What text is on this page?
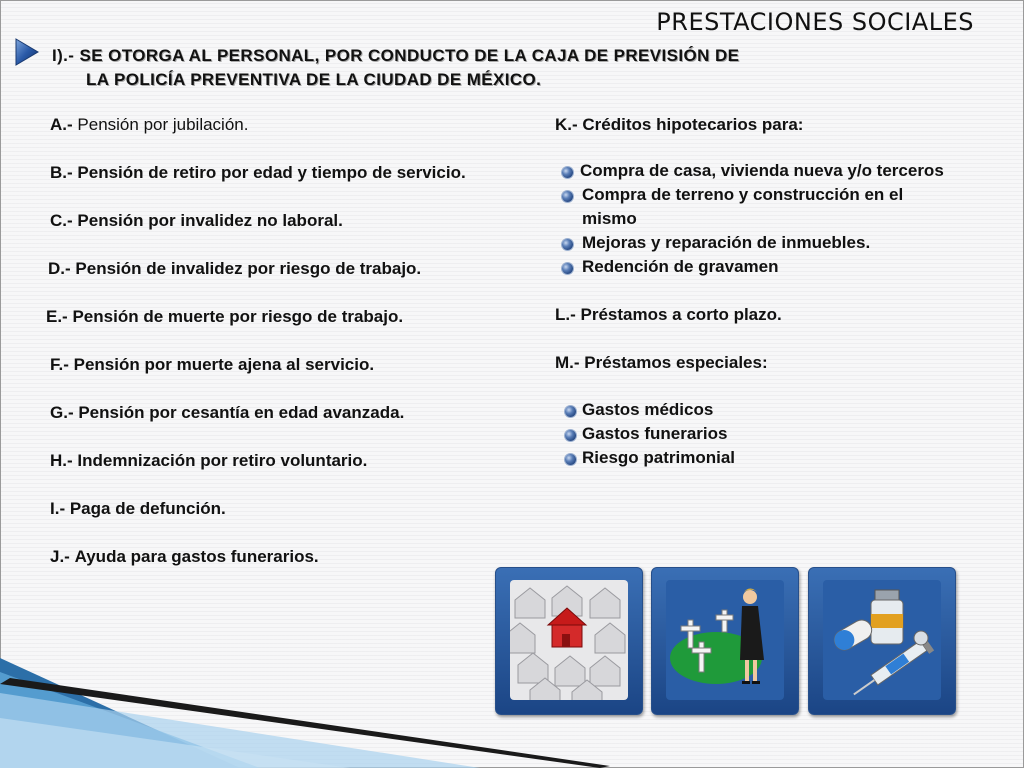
PRESTACIONES SOCIALES
I).- SE OTORGA AL PERSONAL, POR CONDUCTO DE LA CAJA DE PREVISIÓN DE
LA POLICÍA PREVENTIVA DE LA CIUDAD DE MÉXICO.
A.- Pensión por jubilación.
B.- Pensión de retiro por edad y tiempo de servicio.
C.- Pensión por invalidez no laboral.
D.- Pensión de invalidez por riesgo de trabajo.
E.- Pensión de muerte por riesgo de trabajo.
F.- Pensión por muerte ajena al servicio.
G.- Pensión por cesantía en edad avanzada.
H.- Indemnización por retiro voluntario.
I.- Paga de defunción.
J.- Ayuda para gastos funerarios.
K.- Créditos hipotecarios para:
Compra de casa, vivienda nueva y/o terceros
Compra de terreno y construcción en el
mismo
Mejoras y reparación de inmuebles.
Redención de gravamen
L.- Préstamos a corto plazo.
M.- Préstamos especiales:
Gastos médicos
Gastos funerarios
Riesgo patrimonial
